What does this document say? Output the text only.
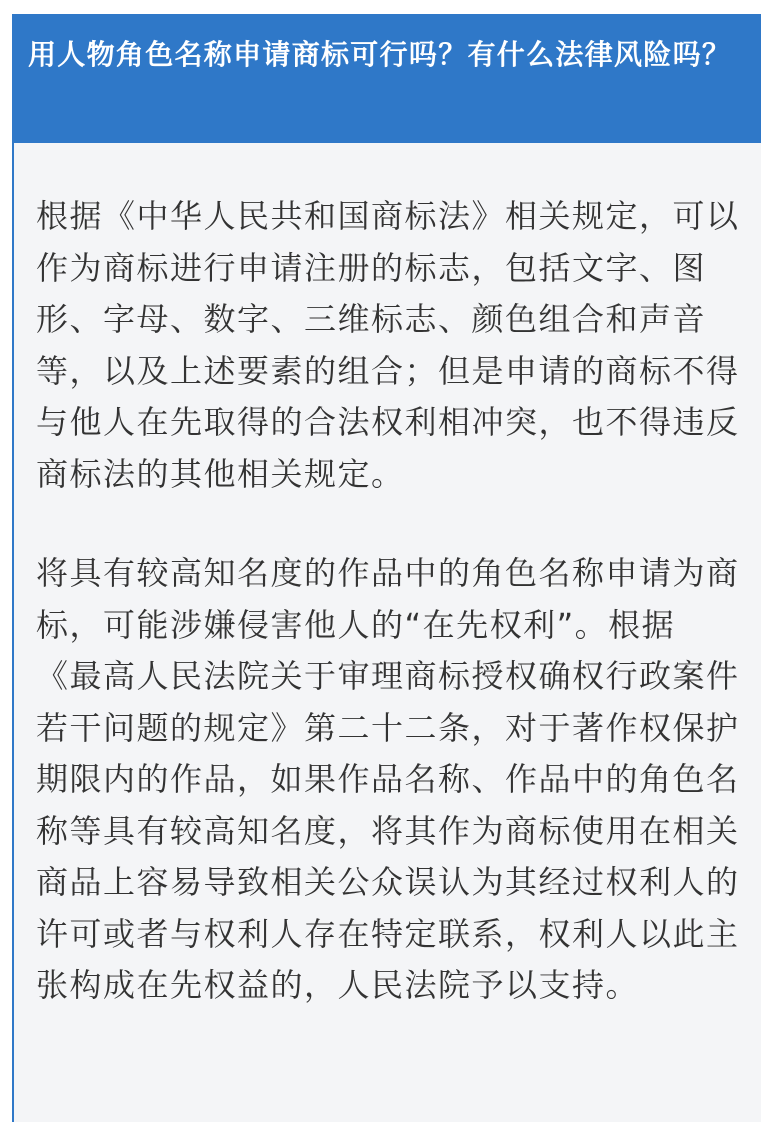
用人物角色名称申请商标可行吗？有什么法律风险吗？

根据《中华人民共和国商标法》相关规定，可以作为商标进行申请注册的标志，包括文字、图形、字母、数字、三维标志、颜色组合和声音等，以及上述要素的组合；但是申请的商标不得与他人在先取得的合法权利相冲突，也不得违反商标法的其他相关规定。

将具有较高知名度的作品中的角色名称申请为商标，可能涉嫌侵害他人的“在先权利”。根据《最高人民法院关于审理商标授权确权行政案件若干问题的规定》第二十二条，对于著作权保护期限内的作品，如果作品名称、作品中的角色名称等具有较高知名度，将其作为商标使用在相关商品上容易导致相关公众误认为其经过权利人的许可或者与权利人存在特定联系，权利人以此主张构成在先权益的，人民法院予以支持。
